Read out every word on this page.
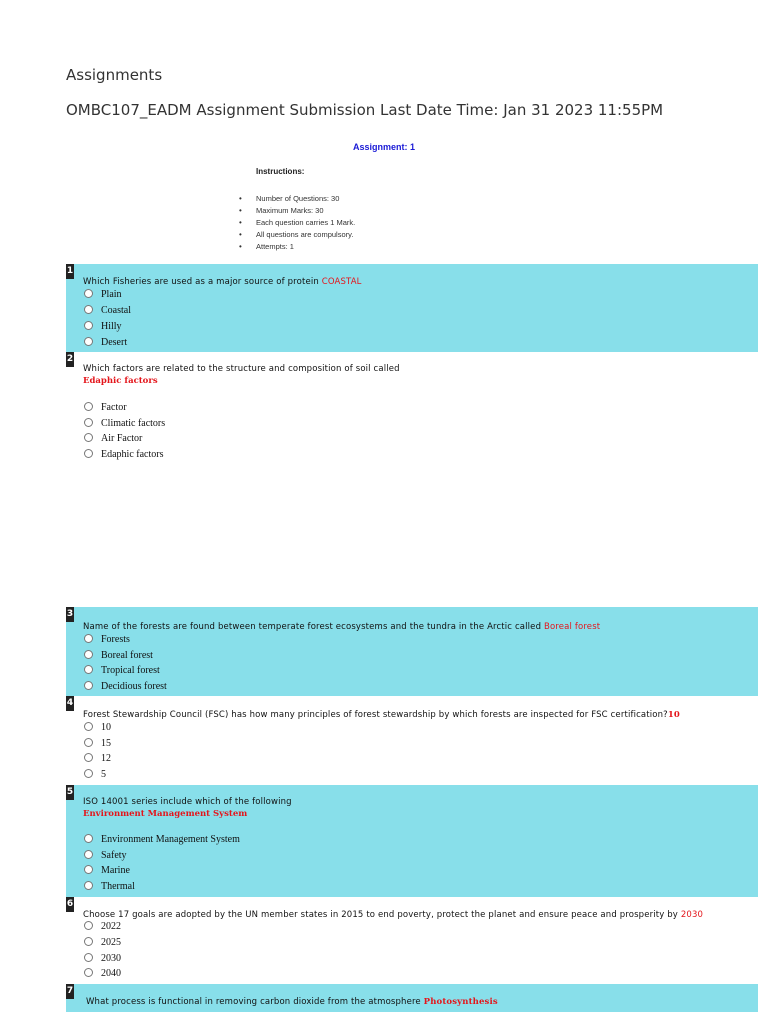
Assignments
OMBC107_EADM Assignment Submission Last Date Time: Jan 31 2023 11:55PM
Assignment: 1
Instructions:
• Number of Questions: 30
• Maximum Marks: 30
• Each question carries 1 Mark.
• All questions are compulsory.
• Attempts: 1
1
Which Fisheries are used as a major source of protein COASTAL
Plain
Coastal
Hilly
Desert
2
Which factors are related to the structure and composition of soil called
Edaphic factors
Factor
Climatic factors
Air Factor
Edaphic factors
3
Name of the forests are found between temperate forest ecosystems and the tundra in the Arctic called Boreal forest
Forests
Boreal forest
Tropical forest
Decidious forest
4
Forest Stewardship Council (FSC) has how many principles of forest stewardship by which forests are inspected for FSC certification?10
10
15
12
5
5
ISO 14001 series include which of the following
Environment Management System
Environment Management System
Safety
Marine
Thermal
6
Choose 17 goals are adopted by the UN member states in 2015 to end poverty, protect the planet and ensure peace and prosperity by 2030
2022
2025
2030
2040
7
What process is functional in removing carbon dioxide from the atmosphere Photosynthesis
